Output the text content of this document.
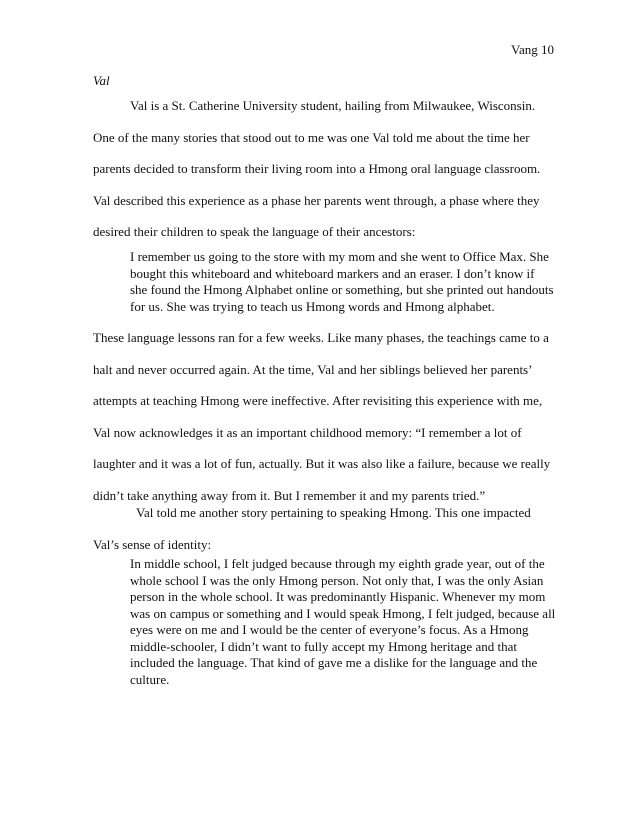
Vang 10
Val
Val is a St. Catherine University student, hailing from Milwaukee, Wisconsin.
One of the many stories that stood out to me was one Val told me about the time her
parents decided to transform their living room into a Hmong oral language classroom.
Val described this experience as a phase her parents went through, a phase where they
desired their children to speak the language of their ancestors:
I remember us going to the store with my mom and she went to Office Max. She
bought this whiteboard and whiteboard markers and an eraser. I don’t know if
she found the Hmong Alphabet online or something, but she printed out handouts
for us. She was trying to teach us Hmong words and Hmong alphabet.
These language lessons ran for a few weeks. Like many phases, the teachings came to a
halt and never occurred again. At the time, Val and her siblings believed her parents’
attempts at teaching Hmong were ineffective. After revisiting this experience with me,
Val now acknowledges it as an important childhood memory: “I remember a lot of
laughter and it was a lot of fun, actually. But it was also like a failure, because we really
didn’t take anything away from it. But I remember it and my parents tried.”
Val told me another story pertaining to speaking Hmong. This one impacted
Val’s sense of identity:
In middle school, I felt judged because through my eighth grade year, out of the
whole school I was the only Hmong person. Not only that, I was the only Asian
person in the whole school. It was predominantly Hispanic. Whenever my mom
was on campus or something and I would speak Hmong, I felt judged, because all
eyes were on me and I would be the center of everyone’s focus. As a Hmong
middle-schooler, I didn’t want to fully accept my Hmong heritage and that
included the language. That kind of gave me a dislike for the language and the
culture.
